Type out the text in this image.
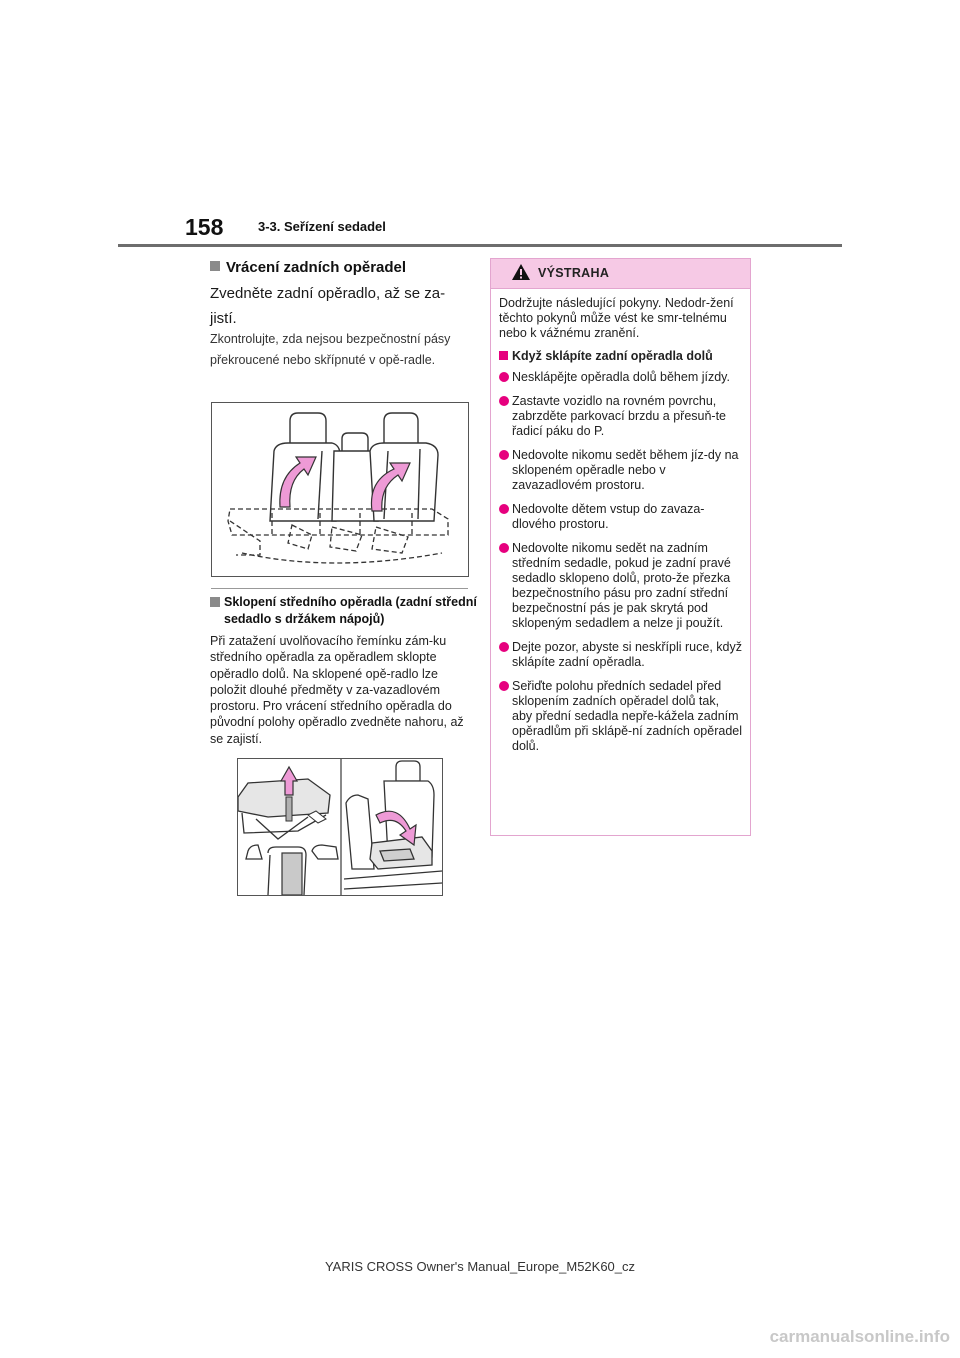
158	3-3. Seřízení sedadel
Vrácení zadních opěradel
Zvedněte zadní opěradlo, až se za-jistí.
Zkontrolujte, zda nejsou bezpečnostní pásy překroucené nebo skřípnuté v opě-radle.
Sklopení středního opěradla (zadní střední sedadlo s držákem nápojů)
Při zatažení uvolňovacího řemínku zám-ku středního opěradla za opěradlem sklopte opěradlo dolů. Na sklopené opě-radlo lze položit dlouhé předměty v za-vazadlovém prostoru. Pro vrácení středního opěradla do původní polohy opěradlo zvedněte nahoru, až se zajistí.
VÝSTRAHA

Dodržujte následující pokyny. Nedodr-žení těchto pokynů může vést ke smr-telnému nebo k vážnému zranění.

Když sklápíte zadní opěradla dolů

Nesklápějte opěradla dolů během jízdy.
Zastavte vozidlo na rovném povrchu, zabrzděte parkovací brzdu a přesuň-te řadicí páku do P.
Nedovolte nikomu sedět během jíz-dy na sklopeném opěradle nebo v zavazadlovém prostoru.
Nedovolte dětem vstup do zavaza-dlového prostoru.
Nedovolte nikomu sedět na zadním středním sedadle, pokud je zadní pravé sedadlo sklopeno dolů, proto-že přezka bezpečnostního pásu pro zadní střední bezpečnostní pás je pak skrytá pod sklopeným sedadlem a nelze ji použít.
Dejte pozor, abyste si neskřípli ruce, když sklápíte zadní opěradla.
Seřiďte polohu předních sedadel před sklopením zadních opěradel dolů tak, aby přední sedadla nepře-kážela zadním opěradlům při sklápě-ní zadních opěradel dolů.
YARIS CROSS Owner's Manual_Europe_M52K60_cz
carmanualsonline.info
